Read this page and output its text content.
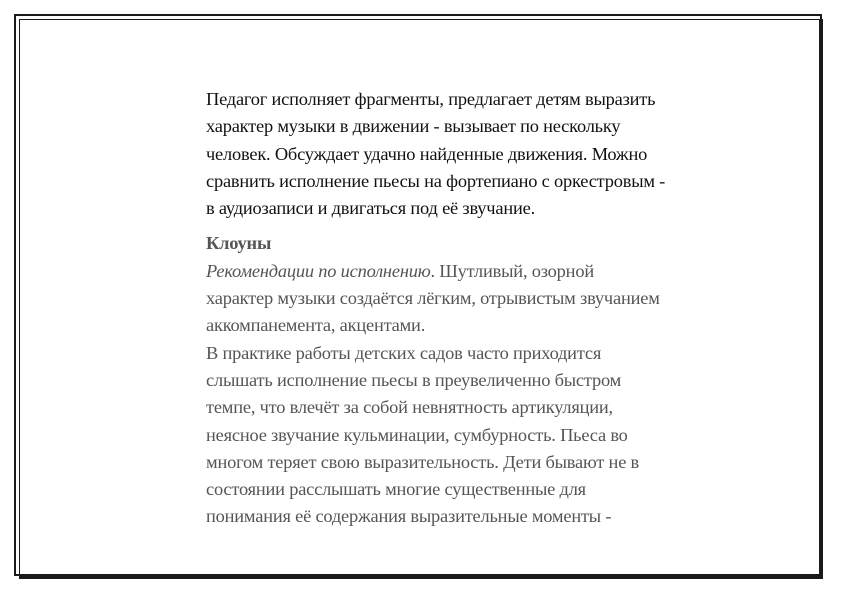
Педагог исполняет фрагменты, предлагает детям выразить
характер музыки в движении - вызывает по нескольку
человек. Обсуждает удачно найденные движения. Можно
сравнить исполнение пьесы на фортепиано с оркестровым -
в аудиозаписи и двигаться под её звучание.

Клоуны

Рекомендации по исполнению. Шутливый, озорной
характер музыки создаётся лёгким, отрывистым звучанием
аккомпанемента, акцентами.

В практике работы детских садов часто приходится
слышать исполнение пьесы в преувеличенно быстром
темпе, что влечёт за собой невнятность артикуляции,
неясное звучание кульминации, сумбурность. Пьеса во
многом теряет свою выразительность. Дети бывают не в
состоянии расслышать многие существенные для
понимания её содержания выразительные моменты -
